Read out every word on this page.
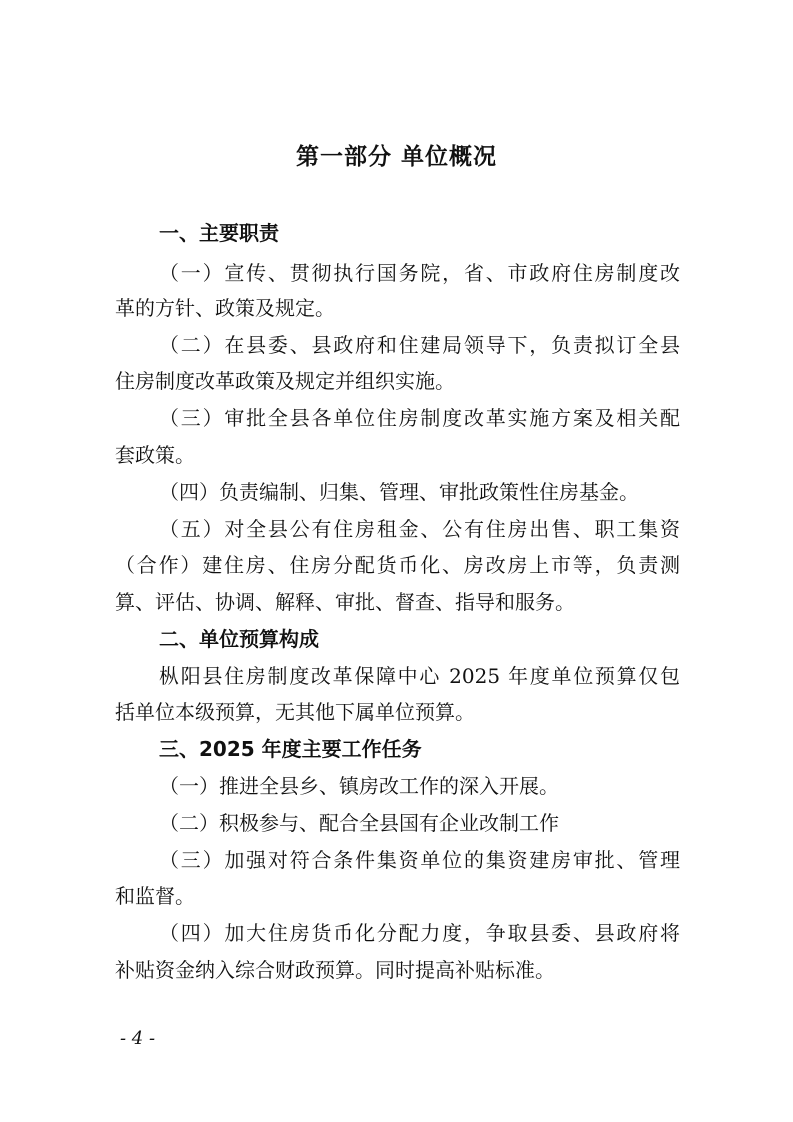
第一部分 单位概况
一、主要职责
（一）宣传、贯彻执行国务院，省、市政府住房制度改
革的方针、政策及规定。
（二）在县委、县政府和住建局领导下，负责拟订全县
住房制度改革政策及规定并组织实施。
（三）审批全县各单位住房制度改革实施方案及相关配
套政策。
（四）负责编制、归集、管理、审批政策性住房基金。
（五）对全县公有住房租金、公有住房出售、职工集资
（合作）建住房、住房分配货币化、房改房上市等，负责测
算、评估、协调、解释、审批、督查、指导和服务。
二、单位预算构成
枞阳县住房制度改革保障中心 2025 年度单位预算仅包
括单位本级预算，无其他下属单位预算。
三、2025 年度主要工作任务
（一）推进全县乡、镇房改工作的深入开展。
（二）积极参与、配合全县国有企业改制工作
（三）加强对符合条件集资单位的集资建房审批、管理
和监督。
（四）加大住房货币化分配力度，争取县委、县政府将
补贴资金纳入综合财政预算。同时提高补贴标准。
- 4 -
